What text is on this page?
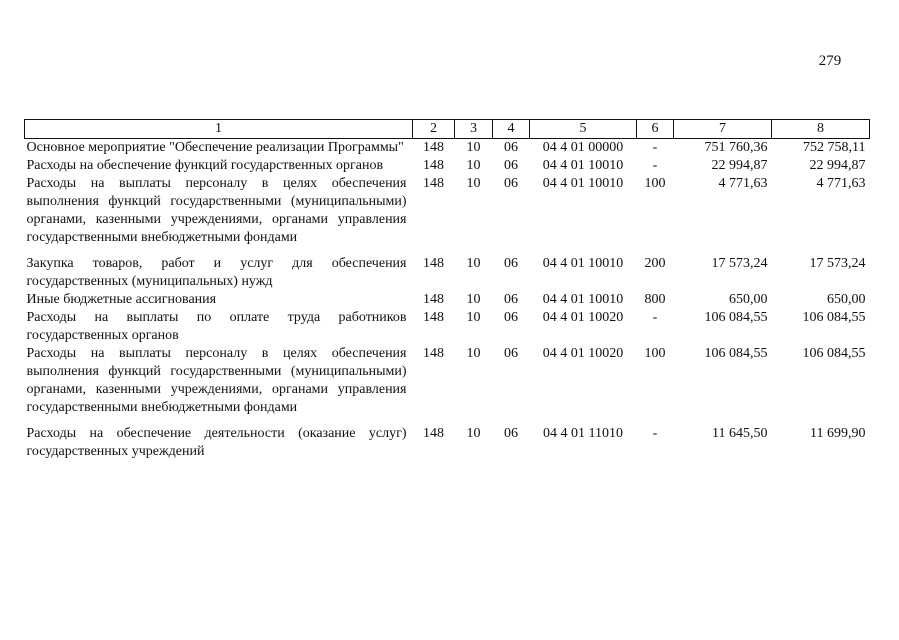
279
1	2	3	4	5	6	7	8
Основное мероприятие "Обеспечение реализации Программы"	148	10	06	04 4 01 00000	-	751 760,36	752 758,11
Расходы на обеспечение функций государственных органов	148	10	06	04 4 01 10010	-	22 994,87	22 994,87
Расходы на выплаты персоналу в целях обеспечения выполнения функций государственными (муниципальными) органами, казенными учреждениями, органами управления государственными внебюджетными фондами	148	10	06	04 4 01 10010	100	4 771,63	4 771,63
Закупка товаров, работ и услуг для обеспечения государственных (муниципальных) нужд	148	10	06	04 4 01 10010	200	17 573,24	17 573,24
Иные бюджетные ассигнования	148	10	06	04 4 01 10010	800	650,00	650,00
Расходы на выплаты по оплате труда работников государственных органов	148	10	06	04 4 01 10020	-	106 084,55	106 084,55
Расходы на выплаты персоналу в целях обеспечения выполнения функций государственными (муниципальными) органами, казенными учреждениями, органами управления государственными внебюджетными фондами	148	10	06	04 4 01 10020	100	106 084,55	106 084,55
Расходы на обеспечение деятельности (оказание услуг) государственных учреждений	148	10	06	04 4 01 11010	-	11 645,50	11 699,90
